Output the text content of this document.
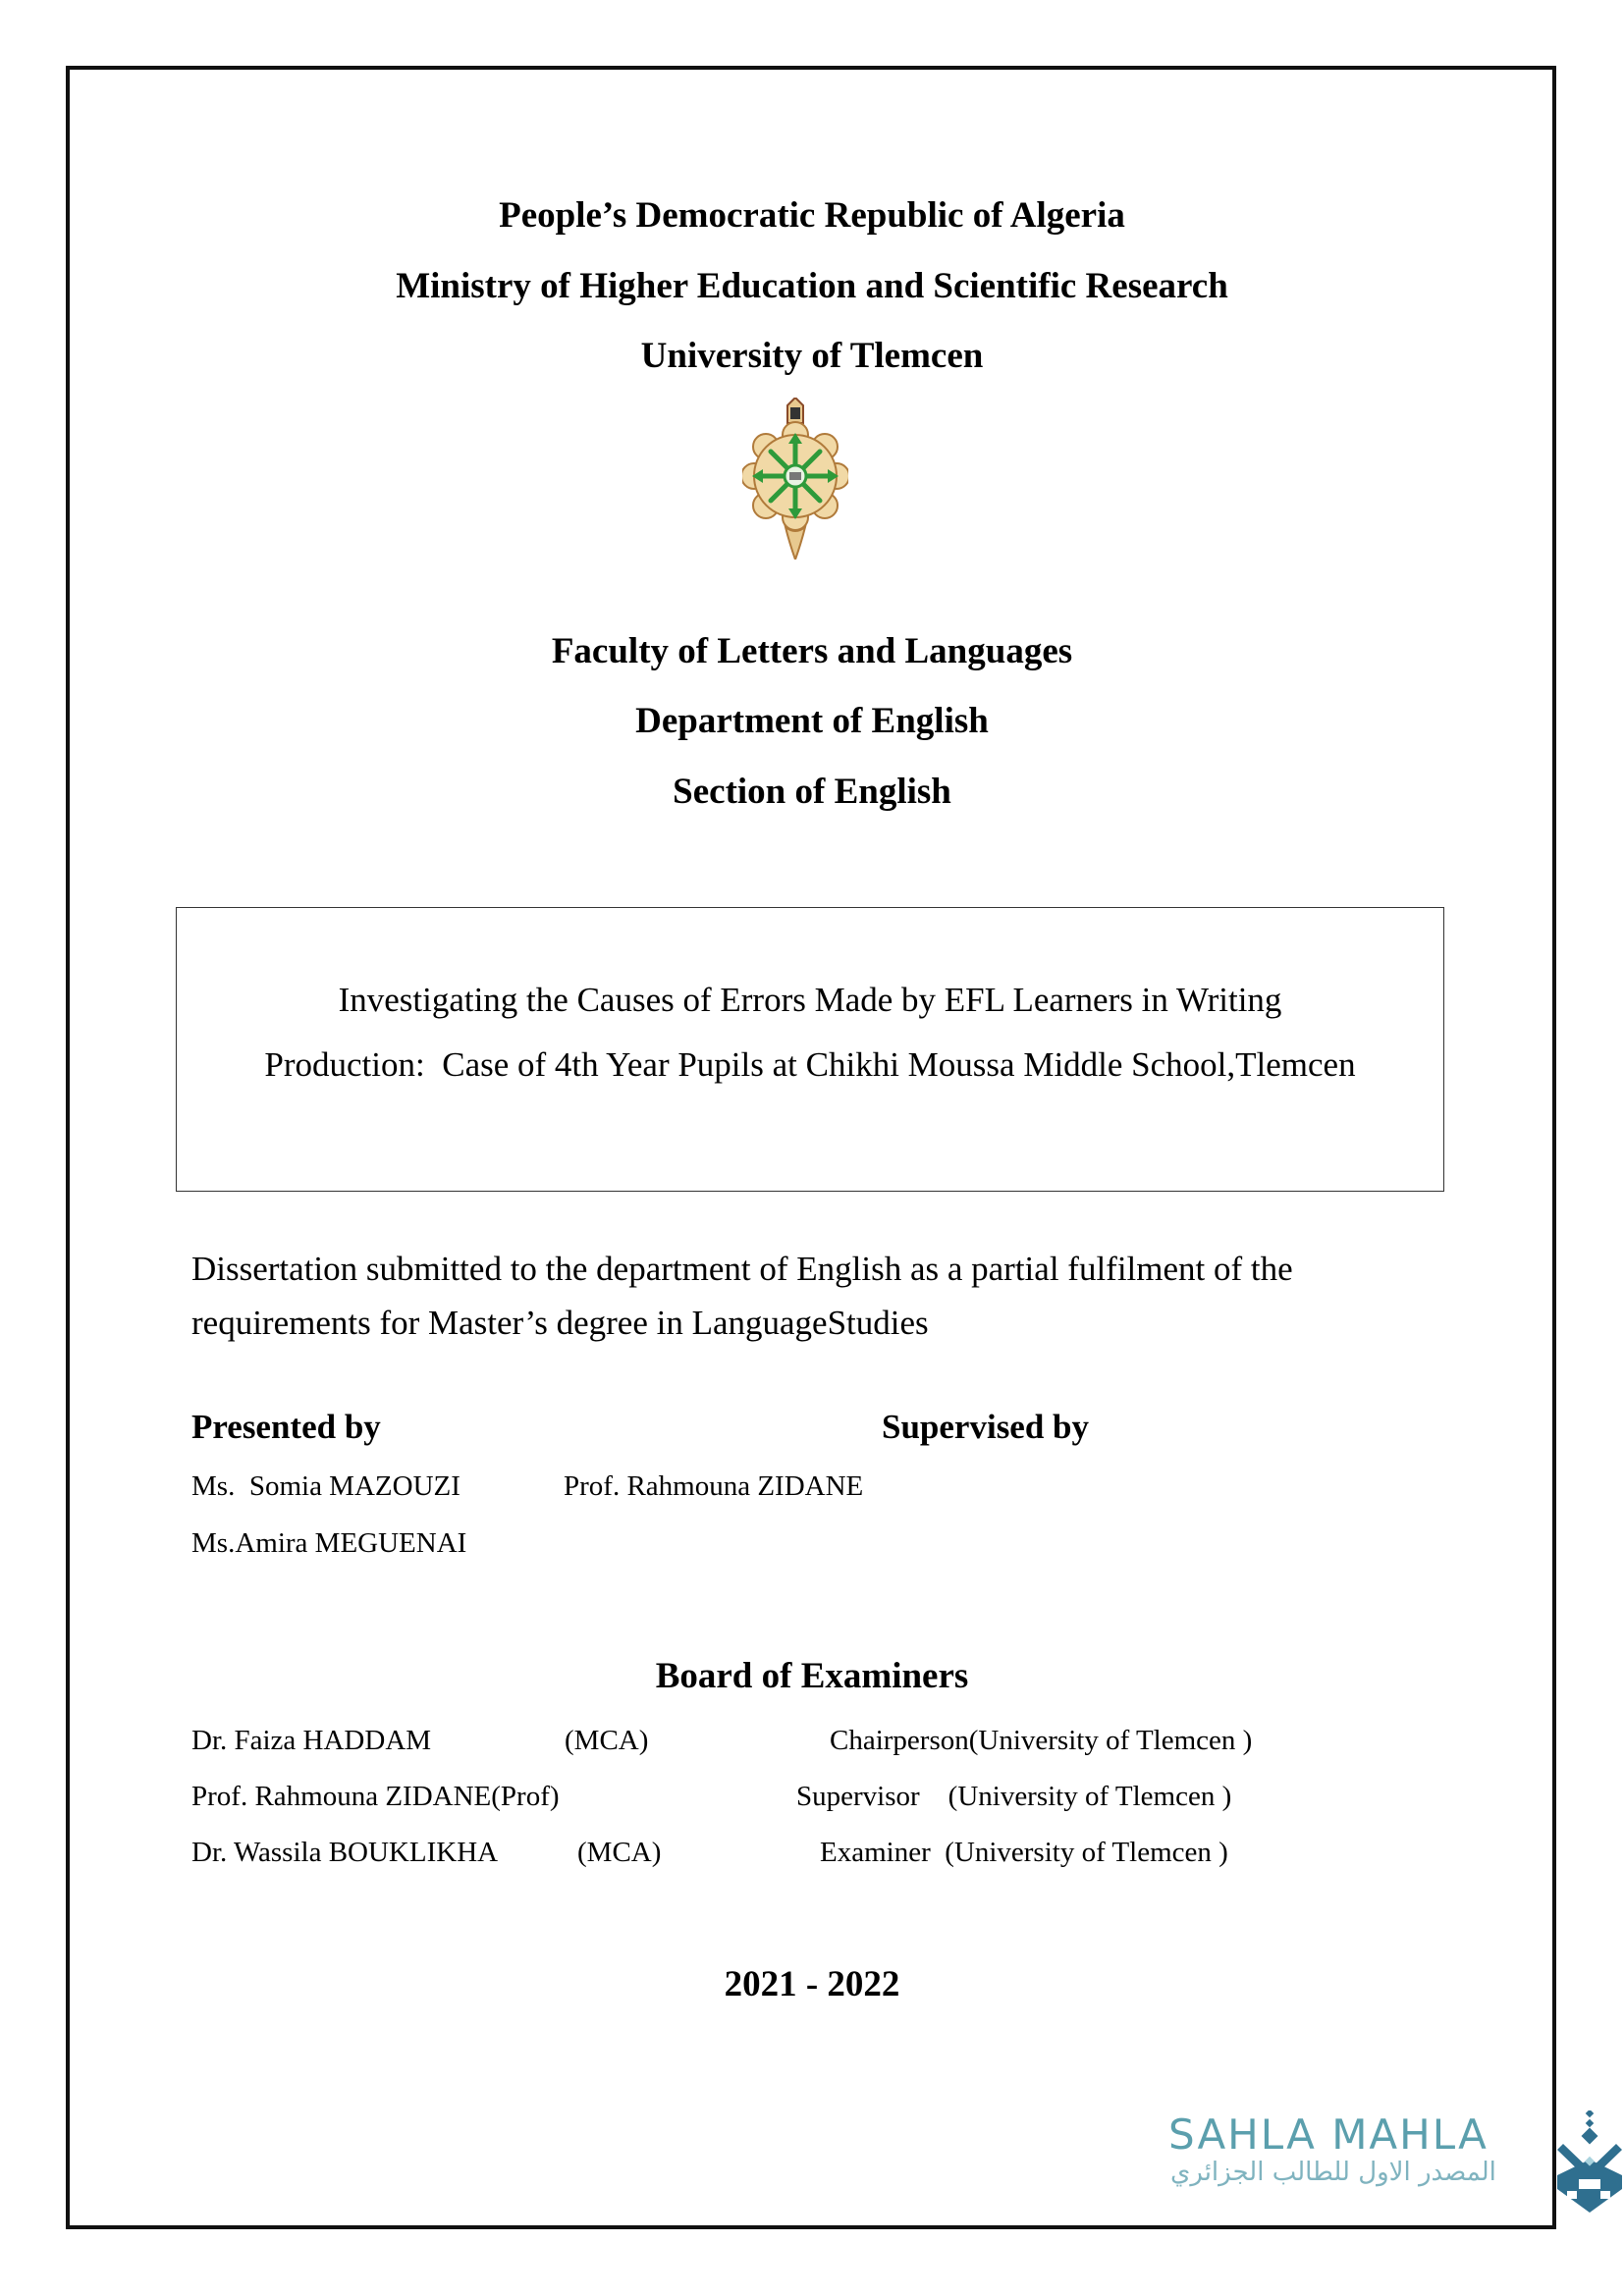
People’s Democratic Republic of Algeria
Ministry of Higher Education and Scientific Research
University of Tlemcen
Faculty of Letters and Languages
Department of English
Section of English
Investigating the Causes of Errors Made by EFL Learners in Writing
Production:  Case of 4th Year Pupils at Chikhi Moussa Middle School,Tlemcen
Dissertation submitted to the department of English as a partial fulfilment of the
requirements for Master’s degree in LanguageStudies
Presented by	Supervised by
Ms.  Somia MAZOUZI	Prof. Rahmouna ZIDANE
Ms.Amira MEGUENAI
Board of Examiners
Dr. Faiza HADDAM	(MCA)	Chairperson(University of Tlemcen )
Prof. Rahmouna ZIDANE(Prof)	Supervisor    (University of Tlemcen )
Dr. Wassila BOUKLIKHA	(MCA)	Examiner  (University of Tlemcen )
2021 - 2022
SAHLA MAHLA
المصدر الاول للطالب الجزائري
